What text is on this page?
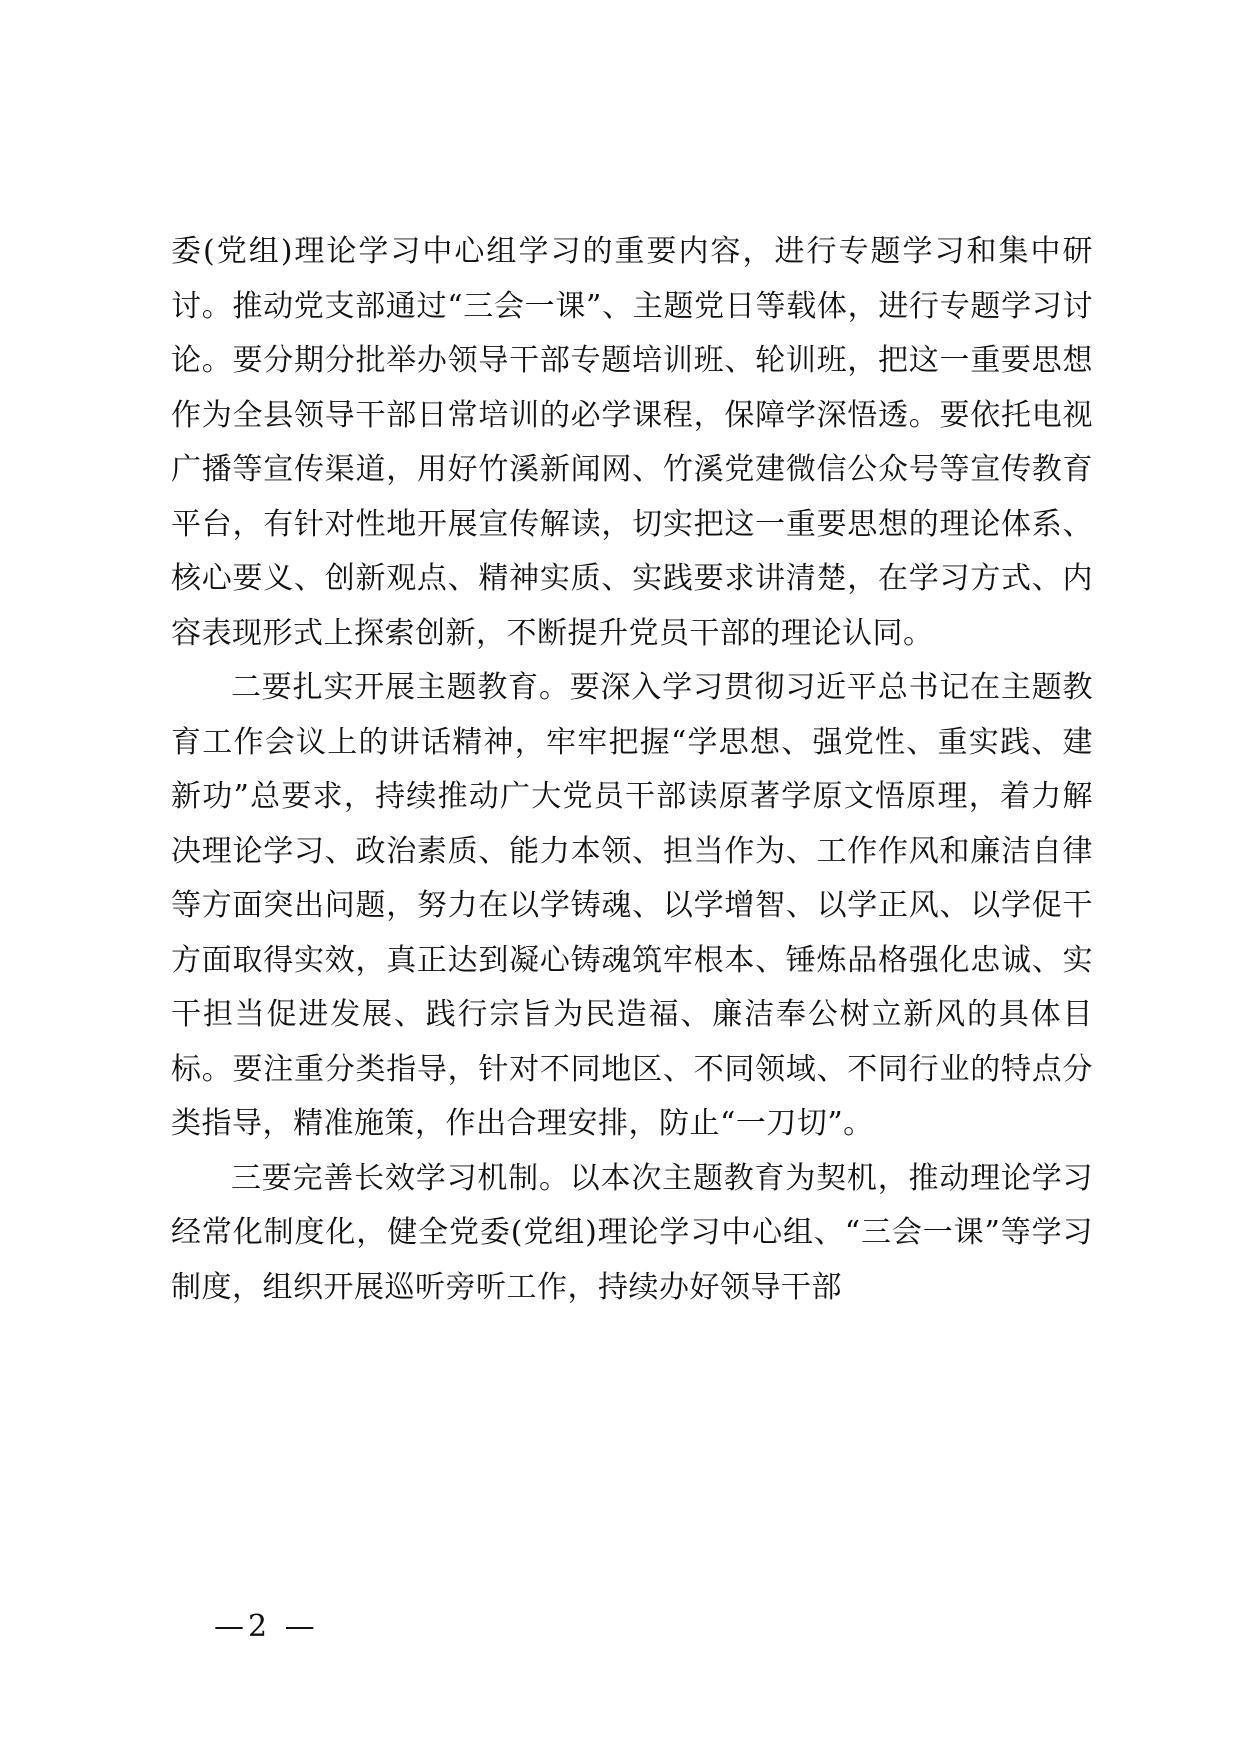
委(党组)理论学习中心组学习的重要内容，进行专题学习和集中研讨。推动党支部通过“三会一课”、主题党日等载体，进行专题学习讨论。要分期分批举办领导干部专题培训班、轮训班，把这一重要思想作为全县领导干部日常培训的必学课程，保障学深悟透。要依托电视广播等宣传渠道，用好竹溪新闻网、竹溪党建微信公众号等宣传教育平台，有针对性地开展宣传解读，切实把这一重要思想的理论体系、核心要义、创新观点、精神实质、实践要求讲清楚，在学习方式、内容表现形式上探索创新，不断提升党员干部的理论认同。

二要扎实开展主题教育。要深入学习贯彻习近平总书记在主题教育工作会议上的讲话精神，牢牢把握“学思想、强党性、重实践、建新功”总要求，持续推动广大党员干部读原著学原文悟原理，着力解决理论学习、政治素质、能力本领、担当作为、工作作风和廉洁自律等方面突出问题，努力在以学铸魂、以学增智、以学正风、以学促干方面取得实效，真正达到凝心铸魂筑牢根本、锤炼品格强化忠诚、实干担当促进发展、践行宗旨为民造福、廉洁奉公树立新风的具体目标。要注重分类指导，针对不同地区、不同领域、不同行业的特点分类指导，精准施策，作出合理安排，防止“一刀切”。

三要完善长效学习机制。以本次主题教育为契机，推动理论学习经常化制度化，健全党委(党组)理论学习中心组、“三会一课”等学习制度，组织开展巡听旁听工作，持续办好领导干部

—2 —
